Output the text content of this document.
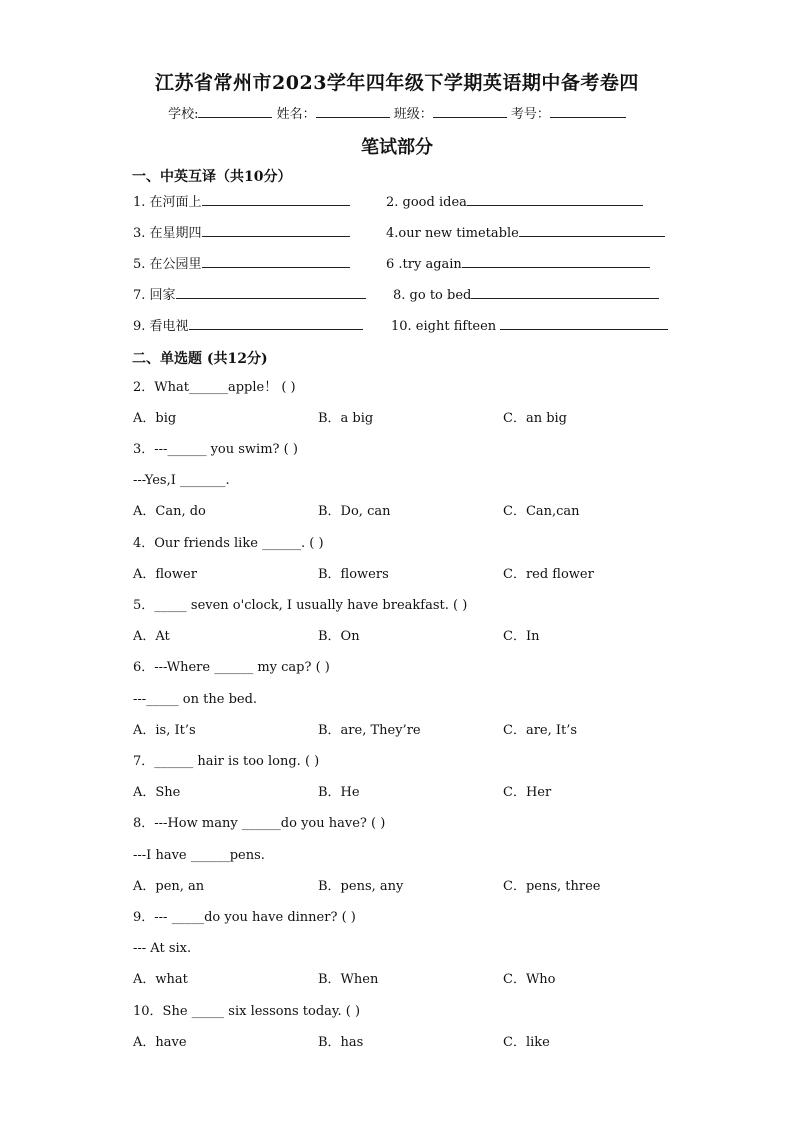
江苏省常州市2023学年四年级下学期英语期中备考卷四
学校:	姓名：	班级：	考号：
笔试部分
一、中英互译（共10分）
1. 在河面上	2. good idea
3. 在星期四	4.our new timetable
5. 在公园里	6 .try again
7. 回家	8. go to bed
9. 看电视	10. eight fifteen
二、单选题 (共12分)
2．What______apple！ ( )
A．big	B．a big	C．an big
3．---______ you swim? ( )
---Yes,I _______.
A．Can, do	B．Do, can	C．Can,can
4．Our friends like ______. ( )
A．flower	B．flowers	C．red flower
5．_____ seven o'clock, I usually have breakfast. ( )
A．At	B．On	C．In
6．---Where ______ my cap? ( )
---_____ on the bed.
A．is, It’s	B．are, They’re	C．are, It’s
7．______ hair is too long. ( )
A．She	B．He	C．Her
8．---How many ______do you have? ( )
---I have ______pens.
A．pen, an	B．pens, any	C．pens, three
9．--- _____do you have dinner? ( )
--- At six.
A．what	B．When	C．Who
10．She _____ six lessons today. ( )
A．have	B．has	C．like
